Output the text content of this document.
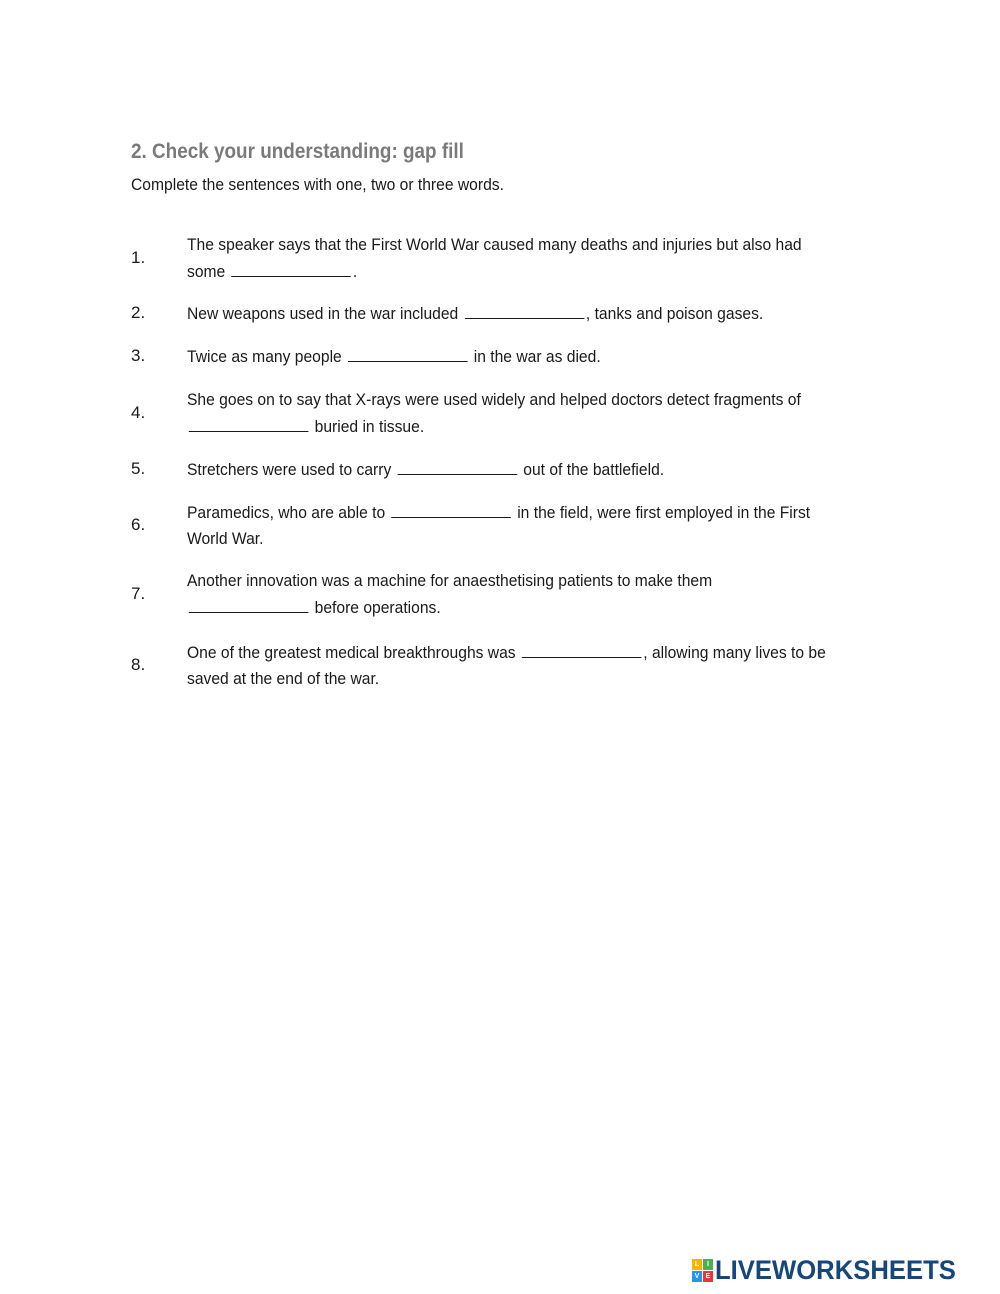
2. Check your understanding: gap fill
Complete the sentences with one, two or three words.
1.
The speaker says that the First World War caused many deaths and injuries but also had some	.
2.	New weapons used in the war included	, tanks and poison gases.
3.	Twice as many people	in the war as died.
4.
She goes on to say that X-rays were used widely and helped doctors detect fragments of  buried in tissue.
5.	Stretchers were used to carry	out of the battlefield.
6.
Paramedics, who are able to	in the field, were first employed in the First World War.
7.
Another innovation was a machine for anaesthetising patients to make them  before operations.
8.
One of the greatest medical breakthroughs was	, allowing many lives to be saved at the end of the war.
L	I
V E LIVEWORKSHEETS
